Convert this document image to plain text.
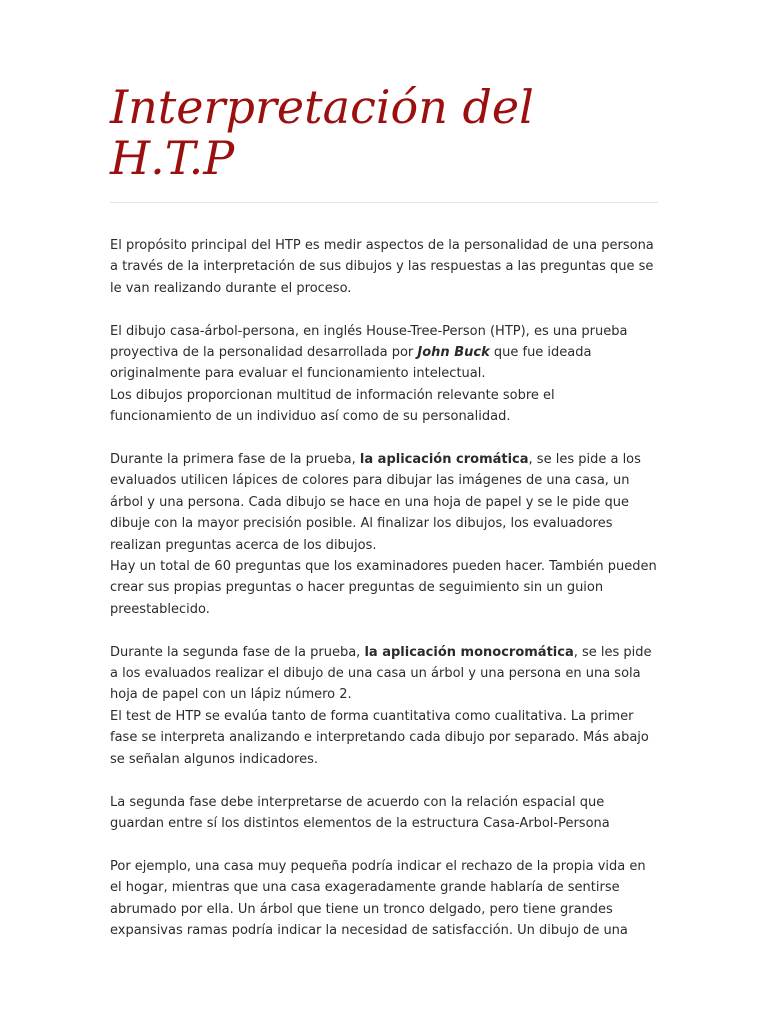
Interpretación del
H.T.P

El propósito principal del HTP es medir aspectos de la personalidad de una persona a través de la interpretación de sus dibujos y las respuestas a las preguntas que se le van realizando durante el proceso.

El dibujo casa-árbol-persona, en inglés House-Tree-Person (HTP), es una prueba proyectiva de la personalidad desarrollada por John Buck que fue ideada originalmente para evaluar el funcionamiento intelectual.
Los dibujos proporcionan multitud de información relevante sobre el funcionamiento de un individuo así como de su personalidad.

Durante la primera fase de la prueba, la aplicación cromática, se les pide a los evaluados utilicen lápices de colores para dibujar las imágenes de una casa, un árbol y una persona. Cada dibujo se hace en una hoja de papel y se le pide que dibuje con la mayor precisión posible. Al finalizar los dibujos, los evaluadores realizan preguntas acerca de los dibujos.
Hay un total de 60 preguntas que los examinadores pueden hacer. También pueden crear sus propias preguntas o hacer preguntas de seguimiento sin un guion preestablecido.

Durante la segunda fase de la prueba, la aplicación monocromática, se les pide a los evaluados realizar el dibujo de una casa un árbol y una persona en una sola hoja de papel con un lápiz número 2.
El test de HTP se evalúa tanto de forma cuantitativa como cualitativa. La primer fase se interpreta analizando e interpretando cada dibujo por separado. Más abajo se señalan algunos indicadores.

La segunda fase debe interpretarse de acuerdo con la relación espacial que guardan entre sí los distintos elementos de la estructura Casa-Arbol-Persona

Por ejemplo, una casa muy pequeña podría indicar el rechazo de la propia vida en el hogar, mientras que una casa exageradamente grande hablaría de sentirse abrumado por ella. Un árbol que tiene un tronco delgado, pero tiene grandes expansivas ramas podría indicar la necesidad de satisfacción. Un dibujo de una
